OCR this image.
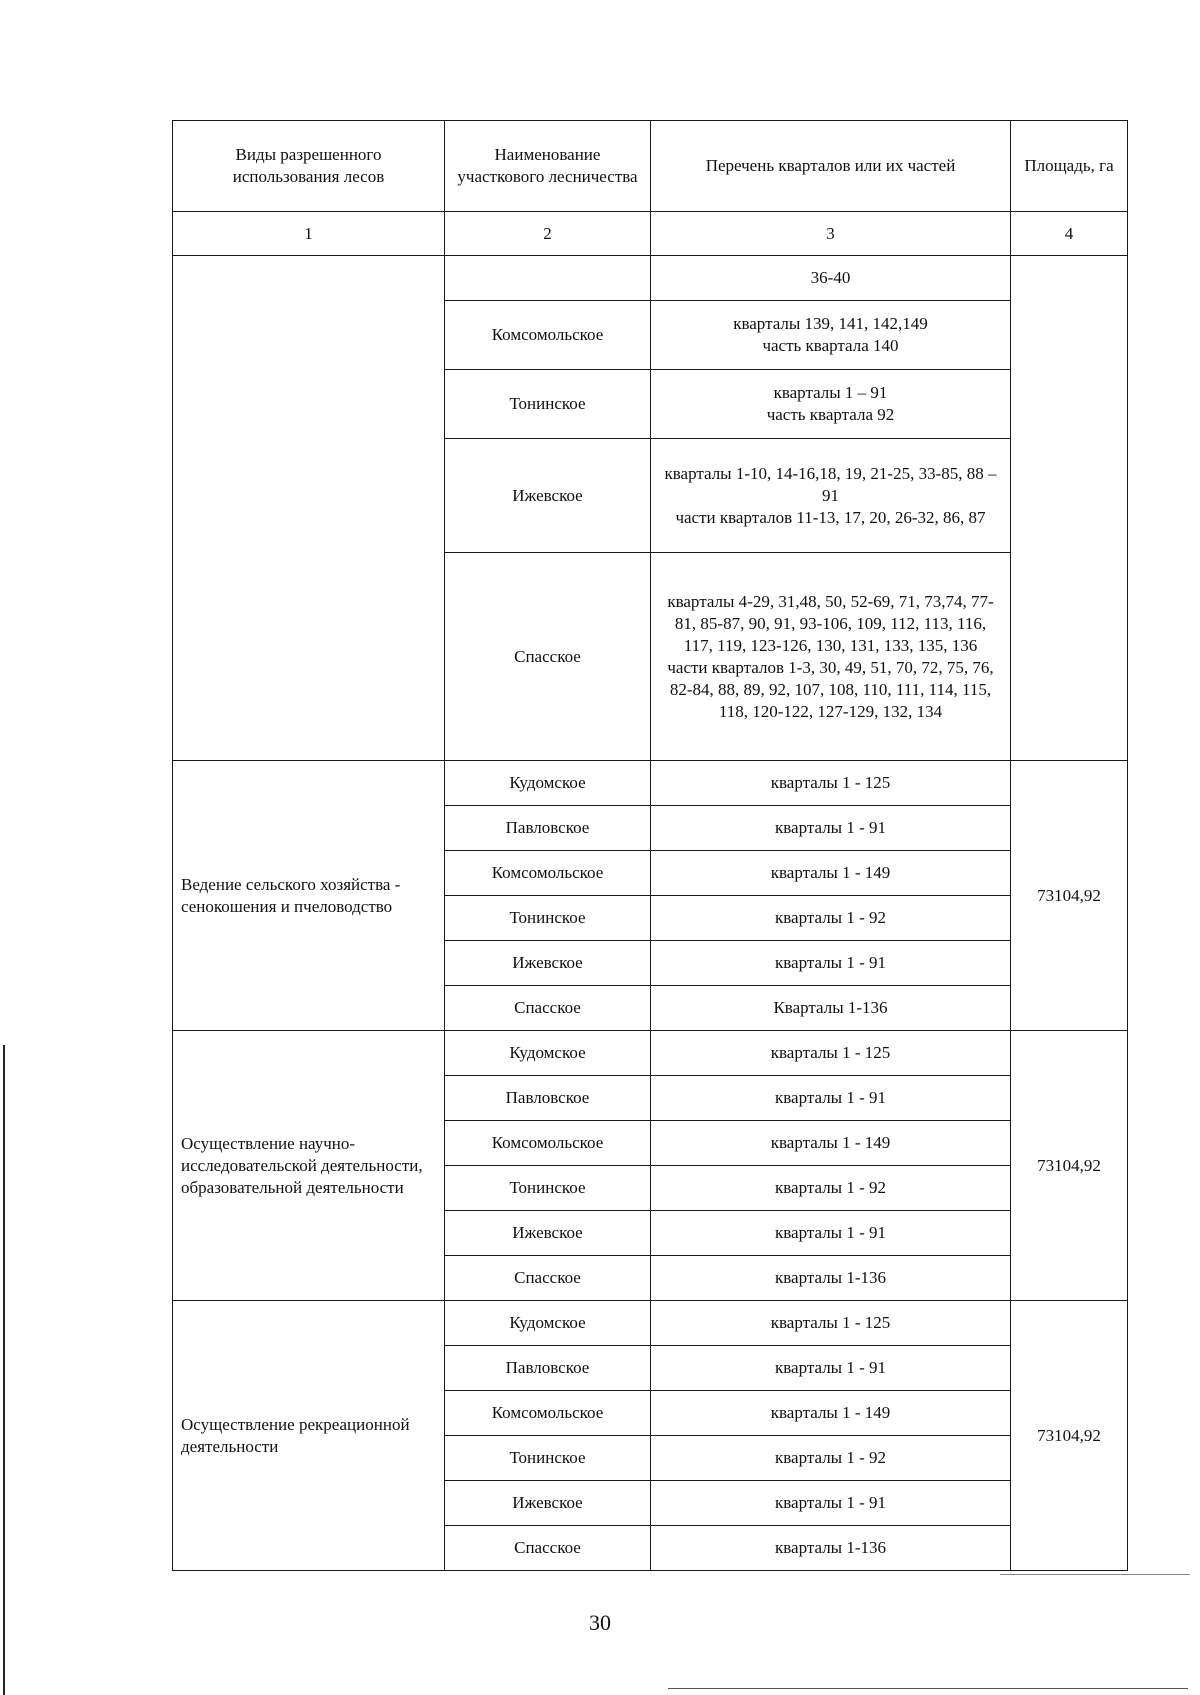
Виды разрешенного использования лесов	Наименование участкового лесничества	Перечень кварталов или их частей	Площадь, га
1	2	3	4
		36-40	
	Комсомольское	кварталы 139, 141, 142,149
часть квартала 140	
	Тонинское	кварталы 1 – 91
часть квартала 92	
	Ижевское	кварталы 1-10, 14-16,18, 19, 21-25, 33-85, 88 – 91
части кварталов 11-13, 17, 20, 26-32, 86, 87	
	Спасское	кварталы 4-29, 31,48, 50, 52-69, 71, 73,74, 77-81, 85-87, 90, 91, 93-106, 109, 112, 113, 116, 117, 119, 123-126, 130, 131, 133, 135, 136
части кварталов 1-3, 30, 49, 51, 70, 72, 75, 76, 82-84, 88, 89, 92, 107, 108, 110, 111, 114, 115, 118, 120-122, 127-129, 132, 134	
Ведение сельского хозяйства - сенокошения и пчеловодство	Кудомское	кварталы 1 - 125	73104,92
	Павловское	кварталы 1 - 91	
	Комсомольское	кварталы 1 - 149	
	Тонинское	кварталы 1 - 92	
	Ижевское	кварталы 1 - 91	
	Спасское	Кварталы 1-136	
Осуществление научно-исследовательской деятельности, образовательной деятельности	Кудомское	кварталы 1 - 125	73104,92
	Павловское	кварталы 1 - 91	
	Комсомольское	кварталы 1 - 149	
	Тонинское	кварталы 1 - 92	
	Ижевское	кварталы 1 - 91	
	Спасское	кварталы 1-136	
Осуществление рекреационной деятельности	Кудомское	кварталы 1 - 125	73104,92
	Павловское	кварталы 1 - 91	
	Комсомольское	кварталы 1 - 149	
	Тонинское	кварталы 1 - 92	
	Ижевское	кварталы 1 - 91	
	Спасское	кварталы 1-136	
30
